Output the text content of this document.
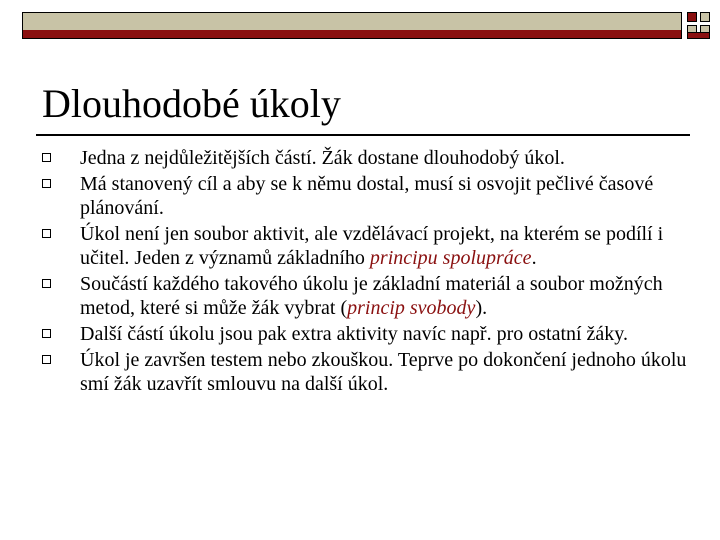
Dlouhodobé úkoly
Jedna z nejdůležitějších částí. Žák dostane dlouhodobý úkol.
Má stanovený cíl a aby se k němu dostal, musí si osvojit pečlivé časové plánování.
Úkol není jen soubor aktivit, ale vzdělávací projekt, na kterém se podílí i učitel. Jeden z významů základního principu spolupráce.
Součástí každého takového úkolu je základní materiál a soubor možných metod, které si může žák vybrat (princip svobody).
Další částí úkolu jsou pak extra aktivity navíc např. pro ostatní žáky.
Úkol je završen testem nebo zkouškou. Teprve po dokončení jednoho úkolu smí žák uzavřít smlouvu na další úkol.
